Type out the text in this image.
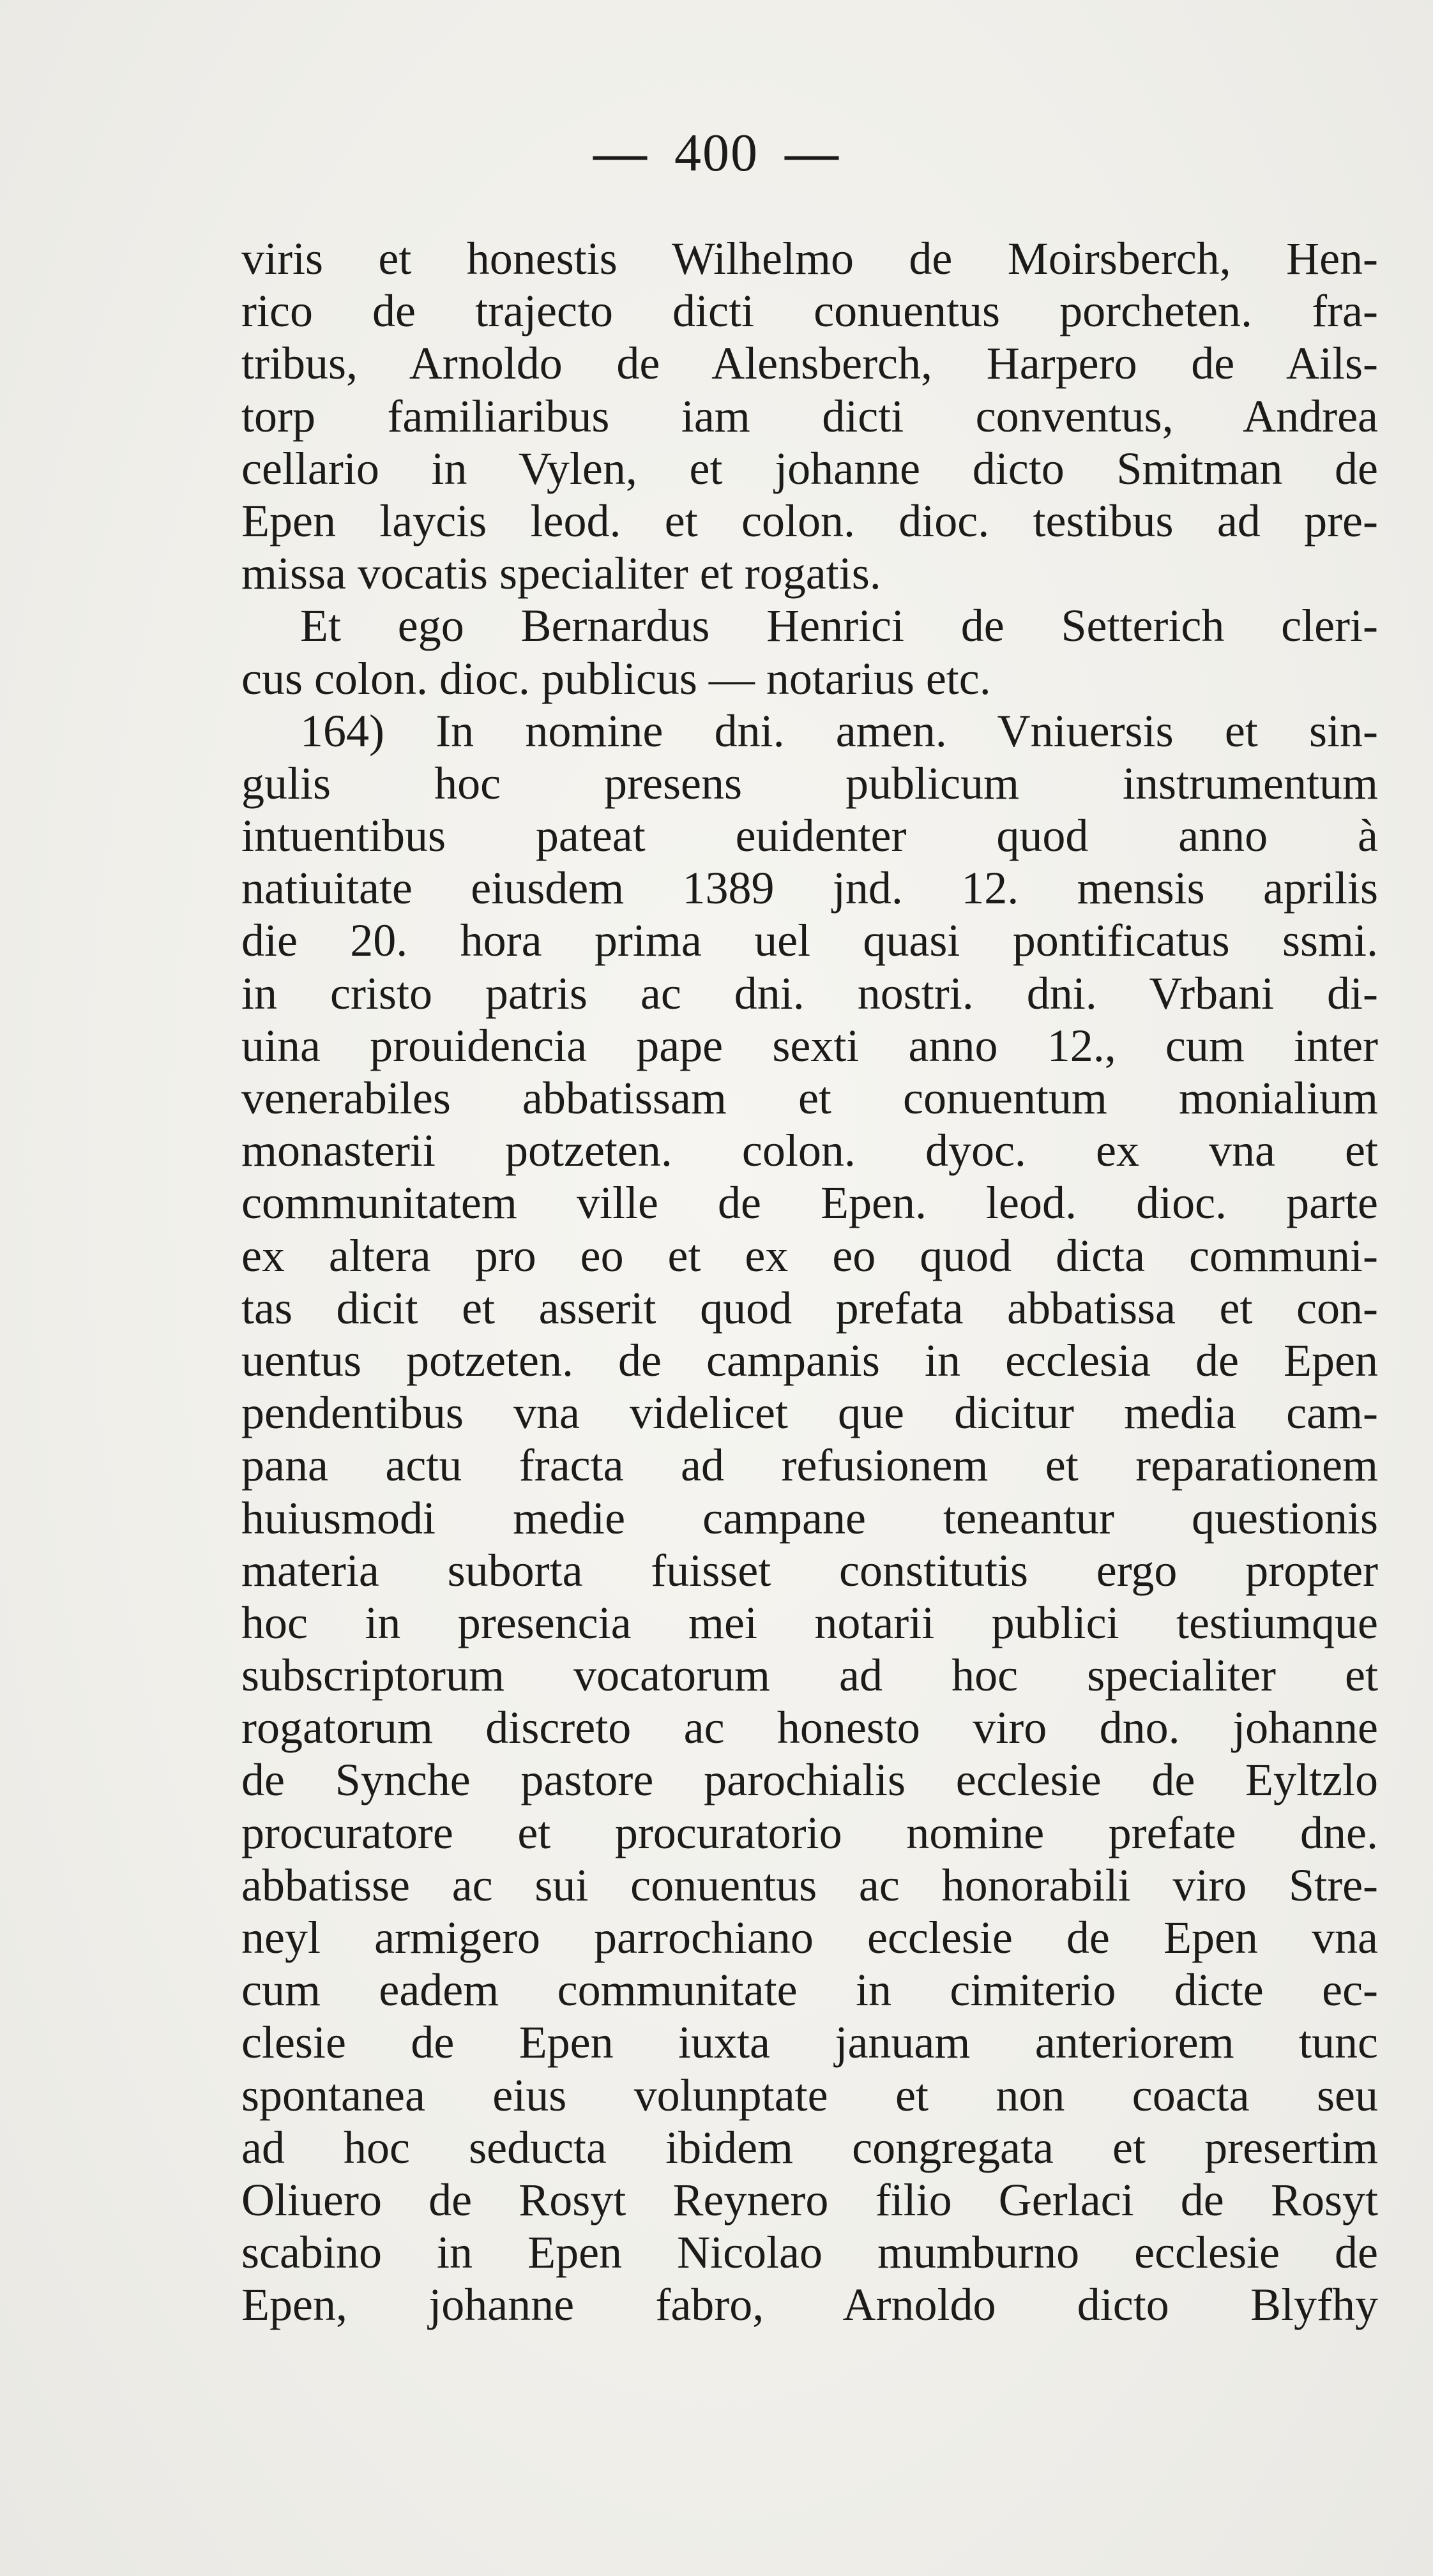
— 400 —
viris et honestis Wilhelmo de Moirsberch, Hen-
rico de trajecto dicti conuentus porcheten. fra-
tribus, Arnoldo de Alensberch, Harpero de Ails-
torp familiaribus iam dicti conventus, Andrea
cellario in Vylen, et johanne dicto Smitman de
Epen laycis leod. et colon. dioc. testibus ad pre-
missa vocatis specialiter et rogatis.
Et ego Bernardus Henrici de Setterich cleri-
cus colon. dioc. publicus — notarius etc.
164) In nomine dni. amen. Vniuersis et sin-
gulis hoc presens publicum instrumentum
intuentibus pateat euidenter quod anno à
natiuitate eiusdem 1389 jnd. 12. mensis aprilis
die 20. hora prima uel quasi pontificatus ssmi.
in cristo patris ac dni. nostri. dni. Vrbani di-
uina prouidencia pape sexti anno 12., cum inter
venerabiles abbatissam et conuentum monialium
monasterii potzeten. colon. dyoc. ex vna et
communitatem ville de Epen. leod. dioc. parte
ex altera pro eo et ex eo quod dicta communi-
tas dicit et asserit quod prefata abbatissa et con-
uentus potzeten. de campanis in ecclesia de Epen
pendentibus vna videlicet que dicitur media cam-
pana actu fracta ad refusionem et reparationem
huiusmodi medie campane teneantur questionis
materia suborta fuisset constitutis ergo propter
hoc in presencia mei notarii publici testiumque
subscriptorum vocatorum ad hoc specialiter et
rogatorum discreto ac honesto viro dno. johanne
de Synche pastore parochialis ecclesie de Eyltzlo
procuratore et procuratorio nomine prefate dne.
abbatisse ac sui conuentus ac honorabili viro Stre-
neyl armigero parrochiano ecclesie de Epen vna
cum eadem communitate in cimiterio dicte ec-
clesie de Epen iuxta januam anteriorem tunc
spontanea eius volunptate et non coacta seu
ad hoc seducta ibidem congregata et presertim
Oliuero de Rosyt Reynero filio Gerlaci de Rosyt
scabino in Epen Nicolao mumburno ecclesie de
Epen, johanne fabro, Arnoldo dicto Blyfhy
